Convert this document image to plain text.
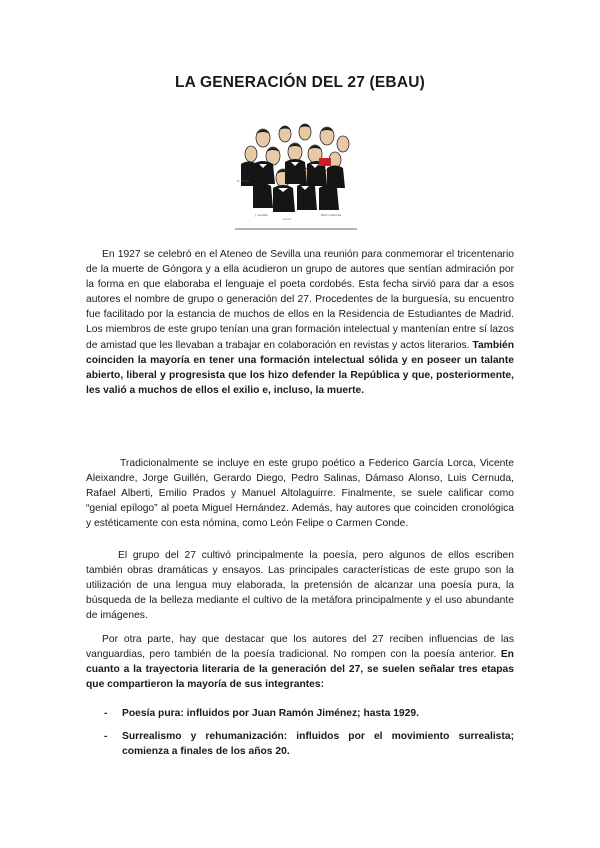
LA GENERACIÓN DEL 27 (EBAU)
G. Diego
J. Guillén
Lorca
Pedro Salinas

En 1927 se celebró en el Ateneo de Sevilla una reunión para conmemorar el tricentenario de la muerte de Góngora y a ella acudieron un grupo de autores que sentían admiración por la forma en que elaboraba el lenguaje el poeta cordobés. Esta fecha sirvió para dar a esos autores el nombre de grupo o generación del 27. Procedentes de la burguesía, su encuentro fue facilitado por la estancia de muchos de ellos en la Residencia de Estudiantes de Madrid. Los miembros de este grupo tenían una gran formación intelectual y mantenían entre sí lazos de amistad que les llevaban a trabajar en colaboración en revistas y actos literarios. También coinciden la mayoría en tener una formación intelectual sólida y en poseer un talante abierto, liberal y progresista que los hizo defender la República y que, posteriormente, les valió a muchos de ellos el exilio e, incluso, la muerte.

Tradicionalmente se incluye en este grupo poético a Federico García Lorca, Vicente Aleixandre, Jorge Guillén, Gerardo Diego, Pedro Salinas, Dámaso Alonso, Luis Cernuda, Rafael Alberti, Emilio Prados y Manuel Altolaguirre. Finalmente, se suele calificar como “genial epílogo” al poeta Miguel Hernández. Además, hay autores que coinciden cronológica y estéticamente con esta nómina, como León Felipe o Carmen Conde.

El grupo del 27 cultivó principalmente la poesía, pero algunos de ellos escriben también obras dramáticas y ensayos. Las principales características de este grupo son la utilización de una lengua muy elaborada, la pretensión de alcanzar una poesía pura, la búsqueda de la belleza mediante el cultivo de la metáfora principalmente y el uso abundante de imágenes.

Por otra parte, hay que destacar que los autores del 27 reciben influencias de las vanguardias, pero también de la poesía tradicional. No rompen con la poesía anterior. En cuanto a la trayectoria literaria de la generación del 27, se suelen señalar tres etapas que compartieron la mayoría de sus integrantes:

- Poesía pura: influidos por Juan Ramón Jiménez; hasta 1929.
- Surrealismo y rehumanización: influidos por el movimiento surrealista; comienza a finales de los años 20.
